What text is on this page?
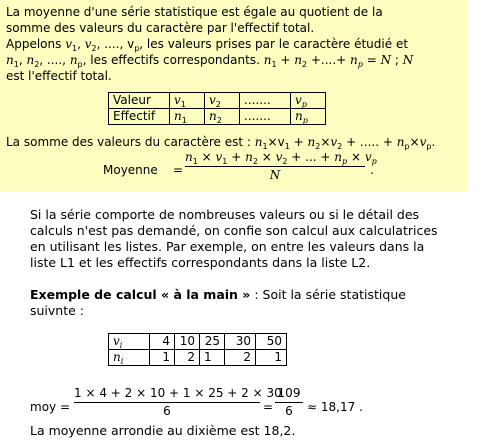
La moyenne d'une série statistique est égale au quotient de la
somme des valeurs du caractère par l'effectif total.
Appelons $v_1$, $v_2$, ...., $v_p$, les valeurs prises par le caractère étudié et
$n_1$, $n_2$, ...., $n_p$, les effectifs correspondants. $n_1 + n_2$ +....+ $n_p = N$ ; N
est l'effectif total.
Valeur	$v_1$	$v_2$	.......	$v_p$
Effectif	$n_1$	$n_2$	.......	$n_p$
La somme des valeurs du caractère est : $n_1\times v_1 + n_2\times v_2$ + ..... + $n_p\times v_p$.
Moyenne =
$n_1 \times v_1 + n_2 \times v_2$ + ... + $n_p \times v_p$
N	.
Si la série comporte de nombreuses valeurs ou si le détail des
calculs n'est pas demandé, on confie son calcul aux calculatrices
en utilisant les listes. Par exemple, on entre les valeurs dans la
liste L1 et les effectifs correspondants dans la liste L2.
Exemple de calcul « à la main » : Soit la série statistique
suivnte :
$v_i$	4	10	25	30	50
$n_i$	1	2	1	2	1
moy =
1 × 4 + 2 × 10 + 1 × 25 + 2 × 30
6	=
109
6	≈ 18,17 .
La moyenne arrondie au dixième est 18,2.
